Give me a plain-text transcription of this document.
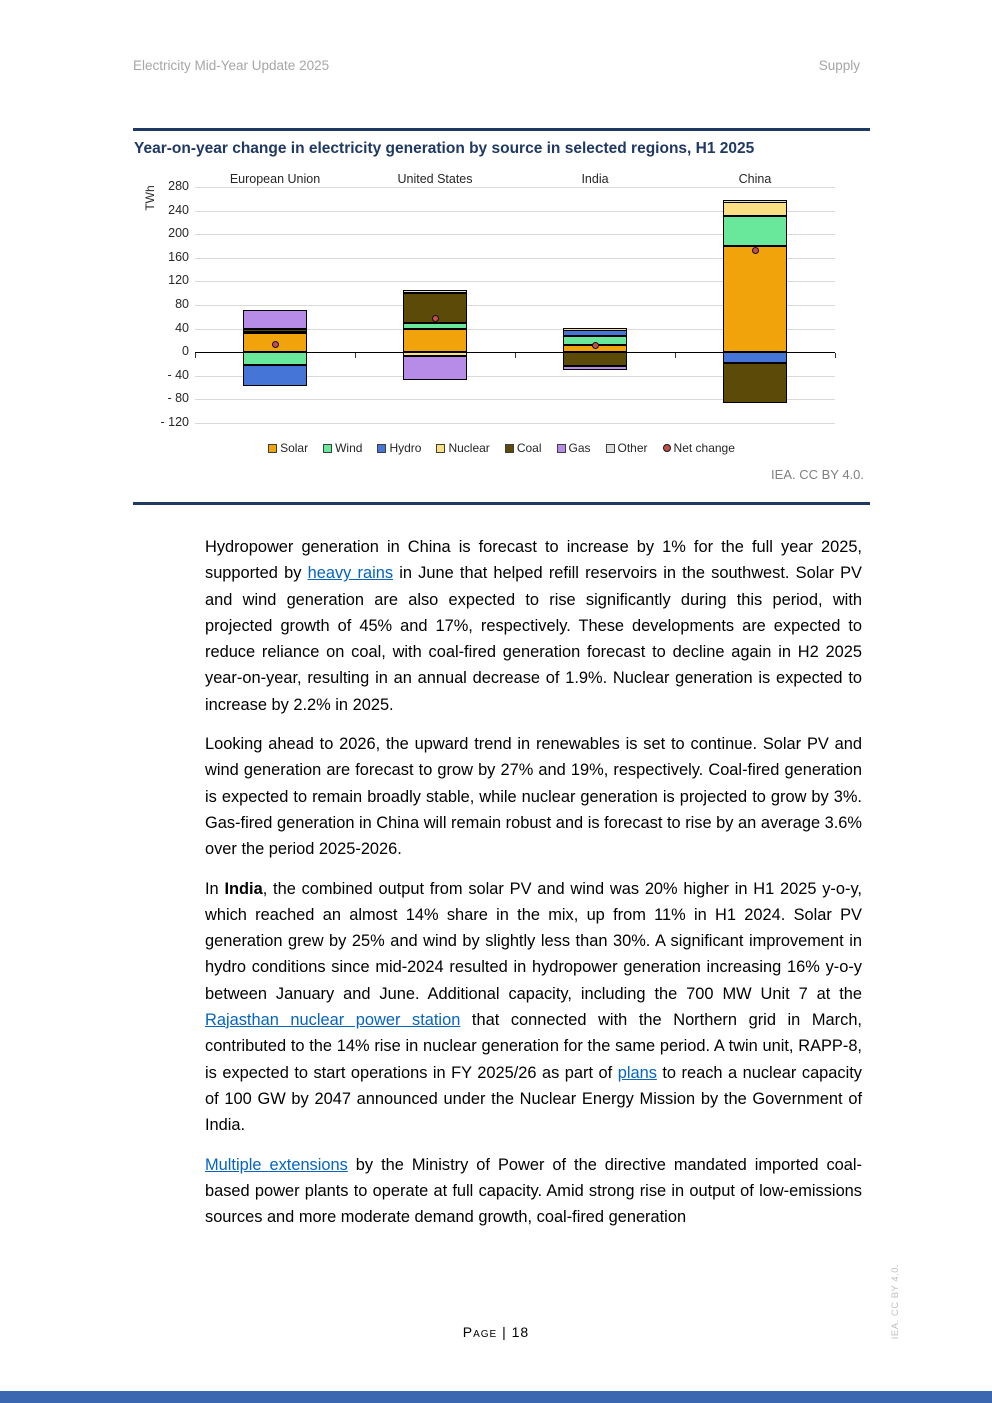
Electricity Mid-Year Update 2025	Supply
Year-on-year change in electricity generation by source in selected regions, H1 2025
TWh
European Union	United States	India	China
280
240
200
160
120
80
40
0
- 40
- 80
- 120
Solar Wind Hydro Nuclear Coal Gas Other Net change
IEA. CC BY 4.0.

Hydropower generation in China is forecast to increase by 1% for the full year 2025, supported by heavy rains in June that helped refill reservoirs in the southwest. Solar PV and wind generation are also expected to rise significantly during this period, with projected growth of 45% and 17%, respectively. These developments are expected to reduce reliance on coal, with coal-fired generation forecast to decline again in H2 2025 year-on-year, resulting in an annual decrease of 1.9%. Nuclear generation is expected to increase by 2.2% in 2025.

Looking ahead to 2026, the upward trend in renewables is set to continue. Solar PV and wind generation are forecast to grow by 27% and 19%, respectively. Coal-fired generation is expected to remain broadly stable, while nuclear generation is projected to grow by 3%. Gas-fired generation in China will remain robust and is forecast to rise by an average 3.6% over the period 2025-2026.

In India, the combined output from solar PV and wind was 20% higher in H1 2025 y-o-y, which reached an almost 14% share in the mix, up from 11% in H1 2024. Solar PV generation grew by 25% and wind by slightly less than 30%. A significant improvement in hydro conditions since mid-2024 resulted in hydropower generation increasing 16% y-o-y between January and June. Additional capacity, including the 700 MW Unit 7 at the Rajasthan nuclear power station that connected with the Northern grid in March, contributed to the 14% rise in nuclear generation for the same period. A twin unit, RAPP-8, is expected to start operations in FY 2025/26 as part of plans to reach a nuclear capacity of 100 GW by 2047 announced under the Nuclear Energy Mission by the Government of India.

Multiple extensions by the Ministry of Power of the directive mandated imported coal-based power plants to operate at full capacity. Amid strong rise in output of low-emissions sources and more moderate demand growth, coal-fired generation

Page | 18	IEA. CC BY 4.0.
